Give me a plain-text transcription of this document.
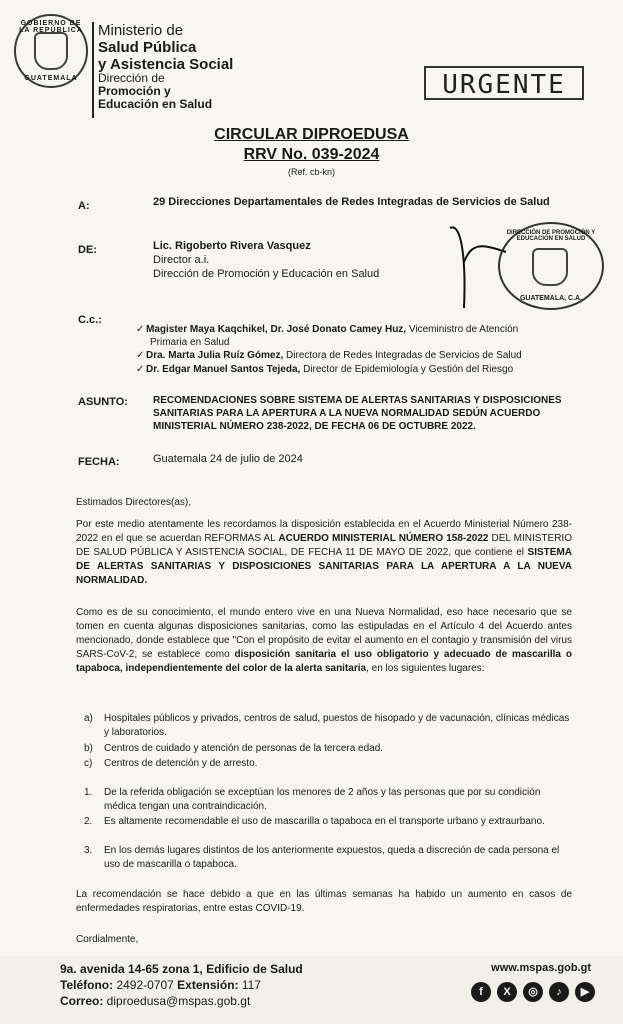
GOBIERNO DE LA REPÚBLICA
GUATEMALA
Ministerio de
Salud Pública
y Asistencia Social
Dirección de
Promoción y
Educación en Salud
URGENTE
CIRCULAR DIPROEDUSA
RRV No. 039-2024
(Ref. cb-kn)
A:	29 Direcciones Departamentales de Redes Integradas de Servicios de Salud
DE:	Lic. Rigoberto Rivera Vasquez
Director a.i.
Dirección de Promoción y Educación en Salud
DIRECCIÓN DE PROMOCIÓN Y EDUCACIÓN EN SALUD
GUATEMALA, C.A.
C.c.:
✓ Magister Maya Kaqchikel, Dr. José Donato Camey Huz, Viceministro de Atención
Primaria en Salud
✓ Dra. Marta Julia Ruíz Gómez, Directora de Redes Integradas de Servicios de Salud
✓ Dr. Edgar Manuel Santos Tejeda, Director de Epidemiología y Gestión del Riesgo
ASUNTO:	RECOMENDACIONES SOBRE SISTEMA DE ALERTAS SANITARIAS Y DISPOSICIONES
SANITARIAS PARA LA APERTURA A LA NUEVA NORMALIDAD SEDÚN ACUERDO
MINISTERIAL NÚMERO 238-2022, DE FECHA 06 DE OCTUBRE 2022.
FECHA:	Guatemala 24 de julio de 2024
Estimados Directores(as),
Por este medio atentamente les recordamos la disposición establecida en el Acuerdo Ministerial Número 238-2022 en el que se acuerdan REFORMAS AL ACUERDO MINISTERIAL NÚMERO 158-2022 DEL MINISTERIO DE SALUD PÚBLICA Y ASISTENCIA SOCIAL, DE FECHA 11 DE MAYO DE 2022, que contiene el SISTEMA DE ALERTAS SANITARIAS Y DISPOSICIONES SANITARIAS PARA LA APERTURA A LA NUEVA NORMALIDAD.
Como es de su conocimiento, el mundo entero vive en una Nueva Normalidad, eso hace necesario que se tomen en cuenta algunas disposiciones sanitarias, como las estipuladas en el Artículo 4 del Acuerdo antes mencionado, donde establece que "Con el propósito de evitar el aumento en el contagio y transmisión del virus SARS-CoV-2, se establece como disposición sanitaria el uso obligatorio y adecuado de mascarilla o tapaboca, independientemente del color de la alerta sanitaria, en los siguientes lugares:
a) Hospitales públicos y privados, centros de salud, puestos de hisopado y de vacunación, clínicas médicas y laboratorios.
b) Centros de cuidado y atención de personas de la tercera edad.
c) Centros de detención y de arresto.
1. De la referida obligación se exceptúan los menores de 2 años y las personas que por su condición médica tengan una contraindicación.
2. Es altamente recomendable el uso de mascarilla o tapaboca en el transporte urbano y extraurbano.
3. En los demás lugares distintos de los anteriormente expuestos, queda a discreción de cada persona el uso de mascarilla o tapaboca.
La recomendación se hace debido a que en las últimas semanas ha habido un aumento en casos de enfermedades respiratorias, entre estas COVID-19.
Cordialmente,
9a. avenida 14-65 zona 1, Edificio de Salud
Teléfono: 2492-0707 Extensión: 117
Correo: diproedusa@mspas.gob.gt
www.mspas.gob.gt
f	X	◎	♪	▶
